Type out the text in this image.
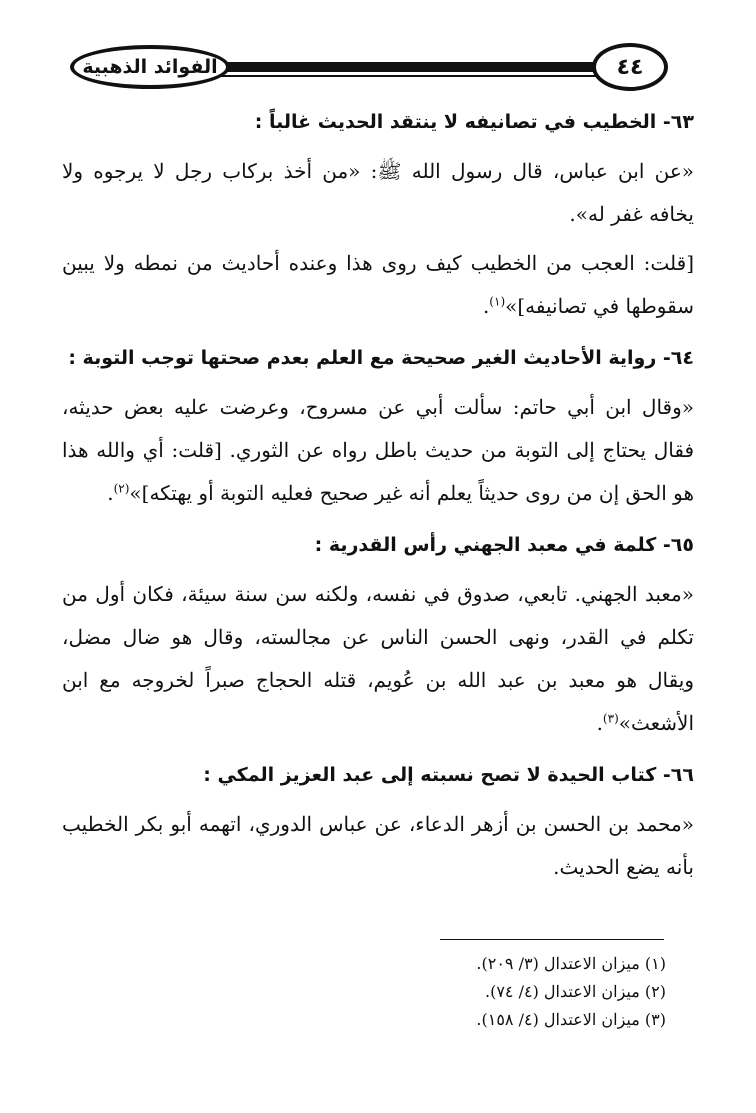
الفوائد الذهبية	٤٤
٦٣- الخطيب في تصانيفه لا ينتقد الحديث غالباً :

«عن ابن عباس، قال رسول الله ﷺ: «من أخذ بركاب رجل لا يرجوه ولا يخافه غفر له».

[قلت: العجب من الخطيب كيف روى هذا وعنده أحاديث من نمطه ولا يبين سقوطها في تصانيفه]»$^{(١)}$.

٦٤- رواية الأحاديث الغير صحيحة مع العلم بعدم صحتها توجب التوبة :

«وقال ابن أبي حاتم: سألت أبي عن مسروح، وعرضت عليه بعض حديثه، فقال يحتاج إلى التوبة من حديث باطل رواه عن الثوري. [قلت: أي والله هذا هو الحق إن من روى حديثاً يعلم أنه غير صحيح فعليه التوبة أو يهتكه]»$^{(٢)}$.

٦٥- كلمة في معبد الجهني رأس القدرية :

«معبد الجهني. تابعي، صدوق في نفسه، ولكنه سن سنة سيئة، فكان أول من تكلم في القدر، ونهى الحسن الناس عن مجالسته، وقال هو ضال مضل، ويقال هو معبد بن عبد الله بن عُويم، قتله الحجاج صبراً لخروجه مع ابن الأشعث»$^{(٣)}$.

٦٦- كتاب الحيدة لا تصح نسبته إلى عبد العزيز المكي :

«محمد بن الحسن بن أزهر الدعاء، عن عباس الدوري، اتهمه أبو بكر الخطيب بأنه يضع الحديث.

(١) ميزان الاعتدال (٣/ ٢٠٩).
(٢) ميزان الاعتدال (٤/ ٧٤).
(٣) ميزان الاعتدال (٤/ ١٥٨).
